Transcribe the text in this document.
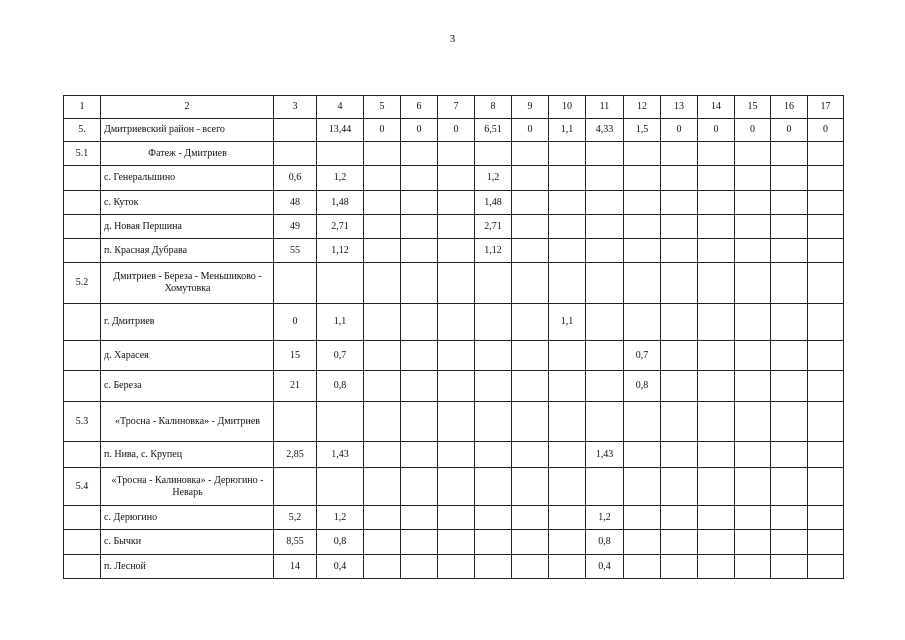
3
1	2	3	4	5	6	7	8	9	10	11	12	13	14	15	16	17
5.	Дмитриевский район - всего		13,44	0	0	0	6,51	0	1,1	4,33	1,5	0	0	0	0	0
5.1	Фатеж - Дмитриев															
	с. Генеральшино	0,6	1,2				1,2									
	с. Куток	48	1,48				1,48									
	д. Новая Першина	49	2,71				2,71									
	п. Красная Дубрава	55	1,12				1,12									
5.2	Дмитриев - Береза - Меньшиково - Хомутовка															
	г. Дмитриев	0	1,1						1,1							
	д. Харасея	15	0,7								0,7					
	с. Береза	21	0,8								0,8					
5.3	«Тросна - Калиновка» - Дмитриев															
	п. Нива, с. Крупец	2,85	1,43							1,43						
5.4	«Тросна - Калиновка» - Дерюгино - Неварь															
	с. Дерюгино	5,2	1,2							1,2						
	с. Бычки	8,55	0,8							0,8						
	п. Лесной	14	0,4							0,4						
